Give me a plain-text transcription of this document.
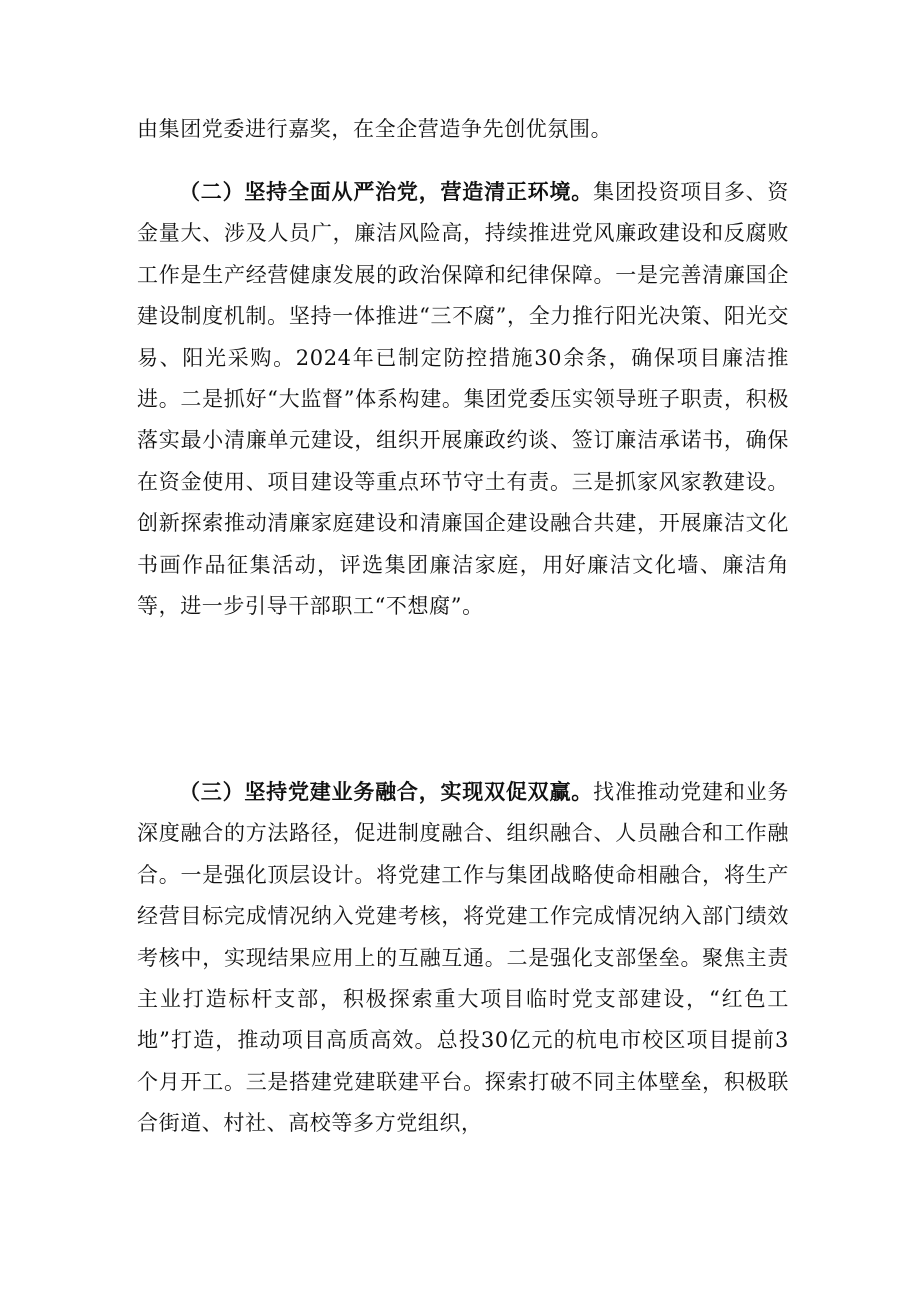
由集团党委进行嘉奖，在全企营造争先创优氛围。

（二）坚持全面从严治党，营造清正环境。集团投资项目多、资金量大、涉及人员广，廉洁风险高，持续推进党风廉政建设和反腐败工作是生产经营健康发展的政治保障和纪律保障。一是完善清廉国企建设制度机制。坚持一体推进“三不腐”，全力推行阳光决策、阳光交易、阳光采购。2024年已制定防控措施30余条，确保项目廉洁推进。二是抓好“大监督”体系构建。集团党委压实领导班子职责，积极落实最小清廉单元建设，组织开展廉政约谈、签订廉洁承诺书，确保在资金使用、项目建设等重点环节守土有责。三是抓家风家教建设。创新探索推动清廉家庭建设和清廉国企建设融合共建，开展廉洁文化书画作品征集活动，评选集团廉洁家庭，用好廉洁文化墙、廉洁角等，进一步引导干部职工“不想腐”。

（三）坚持党建业务融合，实现双促双赢。找准推动党建和业务深度融合的方法路径，促进制度融合、组织融合、人员融合和工作融合。一是强化顶层设计。将党建工作与集团战略使命相融合，将生产经营目标完成情况纳入党建考核，将党建工作完成情况纳入部门绩效考核中，实现结果应用上的互融互通。二是强化支部堡垒。聚焦主责主业打造标杆支部，积极探索重大项目临时党支部建设，“红色工地”打造，推动项目高质高效。总投30亿元的杭电市校区项目提前3个月开工。三是搭建党建联建平台。探索打破不同主体壁垒，积极联合街道、村社、高校等多方党组织，
